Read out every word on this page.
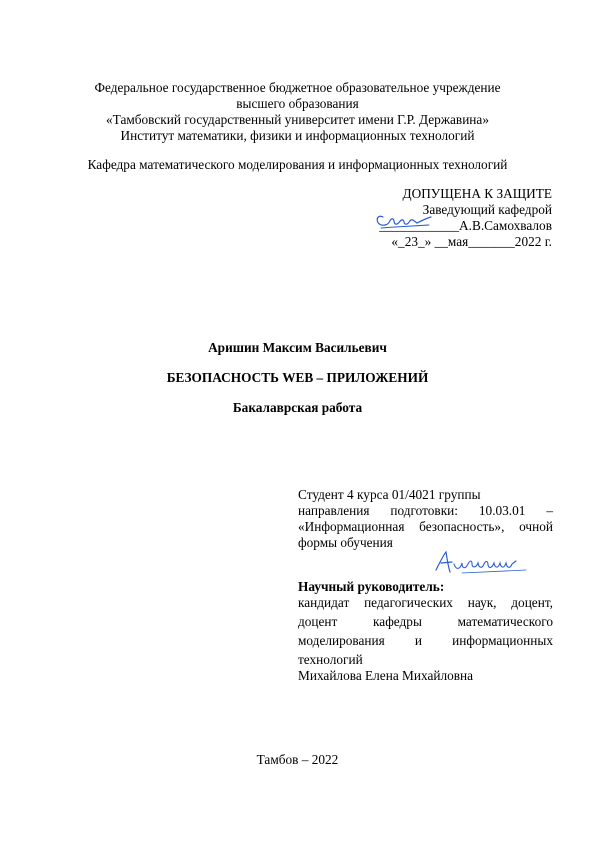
Федеральное государственное бюджетное образовательное учреждение
высшего образования
«Тамбовский государственный университет имени Г.Р. Державина»
Институт математики, физики и информационных технологий
Кафедра математического моделирования и информационных технологий
ДОПУЩЕНА К ЗАЩИТЕ
Заведующий кафедрой
____________А.В.Самохвалов
«_23_» __мая_______2022 г.
Аришин Максим Васильевич
БЕЗОПАСНОСТЬ WEB – ПРИЛОЖЕНИЙ
Бакалаврская работа
Студент 4 курса 01/4021 группы
направления подготовки: 10.03.01 –
«Информационная безопасность», очной
формы обучения
Научный руководитель:
кандидат педагогических наук, доцент,
доцент	кафедры	математического
моделирования и информационных
технологий
Михайлова Елена Михайловна
Тамбов – 2022
